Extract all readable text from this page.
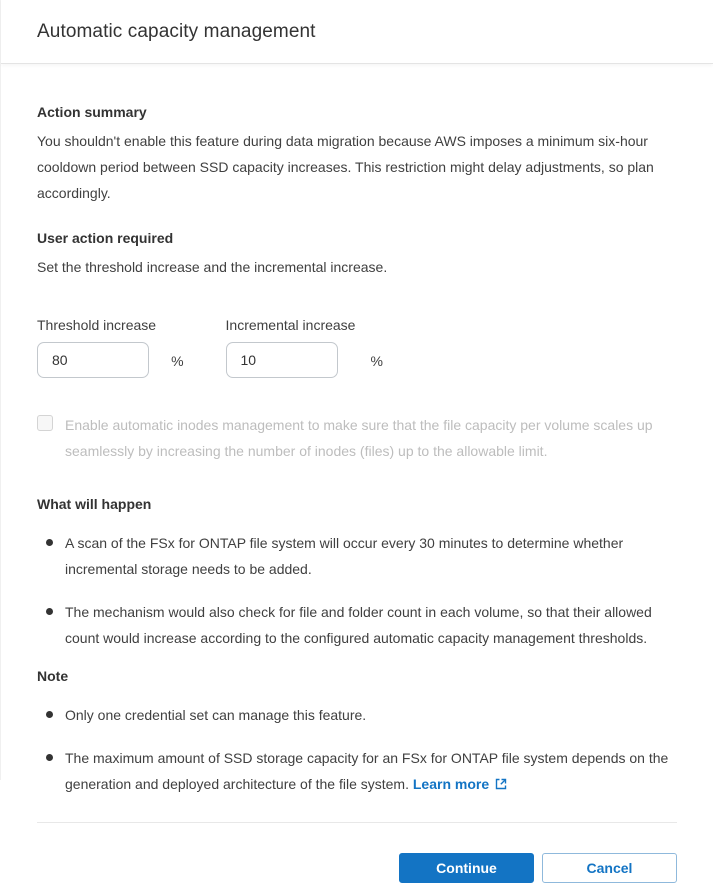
Automatic capacity management
Action summary
You shouldn't enable this feature during data migration because AWS imposes a minimum six-hour cooldown period between SSD capacity increases. This restriction might delay adjustments, so plan accordingly.
User action required
Set the threshold increase and the incremental increase.
Threshold increase
80
%
Incremental increase
10
%
Enable automatic inodes management to make sure that the file capacity per volume scales up seamlessly by increasing the number of inodes (files) up to the allowable limit.
What will happen
A scan of the FSx for ONTAP file system will occur every 30 minutes to determine whether incremental storage needs to be added.
The mechanism would also check for file and folder count in each volume, so that their allowed count would increase according to the configured automatic capacity management thresholds.
Note
Only one credential set can manage this feature.
The maximum amount of SSD storage capacity for an FSx for ONTAP file system depends on the generation and deployed architecture of the file system. Learn more
Continue	Cancel
